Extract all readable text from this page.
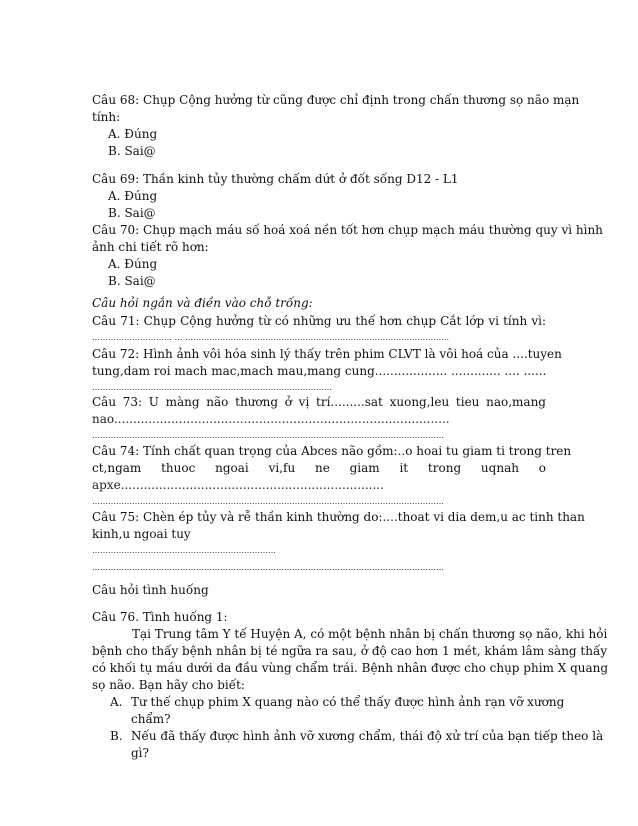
Câu 68: Chụp Cộng hưởng từ cũng được chỉ định trong chấn thương sọ não mạn
tính:
A. Đúng
B. Sai@
Câu 69: Thần kinh tủy thường chấm dứt ở đốt sống D12 - L1
A. Đúng
B. Sai@
Câu 70: Chụp mạch máu số hoá xoá nền tốt hơn chụp mạch máu thường quy vì hình
ảnh chi tiết rõ hơn:
A. Đúng
B. Sai@
Câu hỏi ngắn và điền vào chỗ trống:
Câu 71: Chụp Cộng hưởng từ có những ưu thế hơn chụp Cắt lớp vi tính vì:
………………………… … ………………………………………………………………………………………
Câu 72: Hình ảnh vôi hóa sinh lý thấy trên phim CLVT là vôi hoá của ....tuyen
tung,dam roi mach mac,mach mau,mang cung................... ............. .... ......
………………………………………………………………………………
Câu 73: U màng não thương ở vị trí.........sat xuong,leu tieu nao,mang
nao........................................................................................
……………………………………………………………………………………………………………………
Câu 74: Tính chất quan trọng của Abces não gồm:..o hoai tu giam ti trong tren
ct,ngam thuoc ngoai vi,fu ne giam it trong uqnah o
apxe.....................................................................
……………………………………………………………………………………………………………………
Câu 75: Chèn ép tủy và rễ thần kinh thường do:....thoat vi dia dem,u ac tinh than
kinh,u ngoai tuy
……………………………………………………………
……………………………………………………………………………………………………………………
Câu hỏi tình huống
Câu 76. Tình huống 1:
Tại Trung tâm Y tế Huyện A, có một bệnh nhân bị chấn thương sọ não, khi hỏi
bệnh cho thấy bệnh nhân bị té ngữa ra sau, ở độ cao hơn 1 mét, khám lâm sàng thấy
có khối tụ máu dưới da đầu vùng chẩm trái. Bệnh nhân được cho chụp phim X quang
sọ não. Bạn hãy cho biết:
A. Tư thế chụp phim X quang nào có thể thấy được hình ảnh rạn vỡ xương
chẩm?
B. Nếu đã thấy được hình ảnh vỡ xương chẩm, thái độ xử trí của bạn tiếp theo là
gì?
